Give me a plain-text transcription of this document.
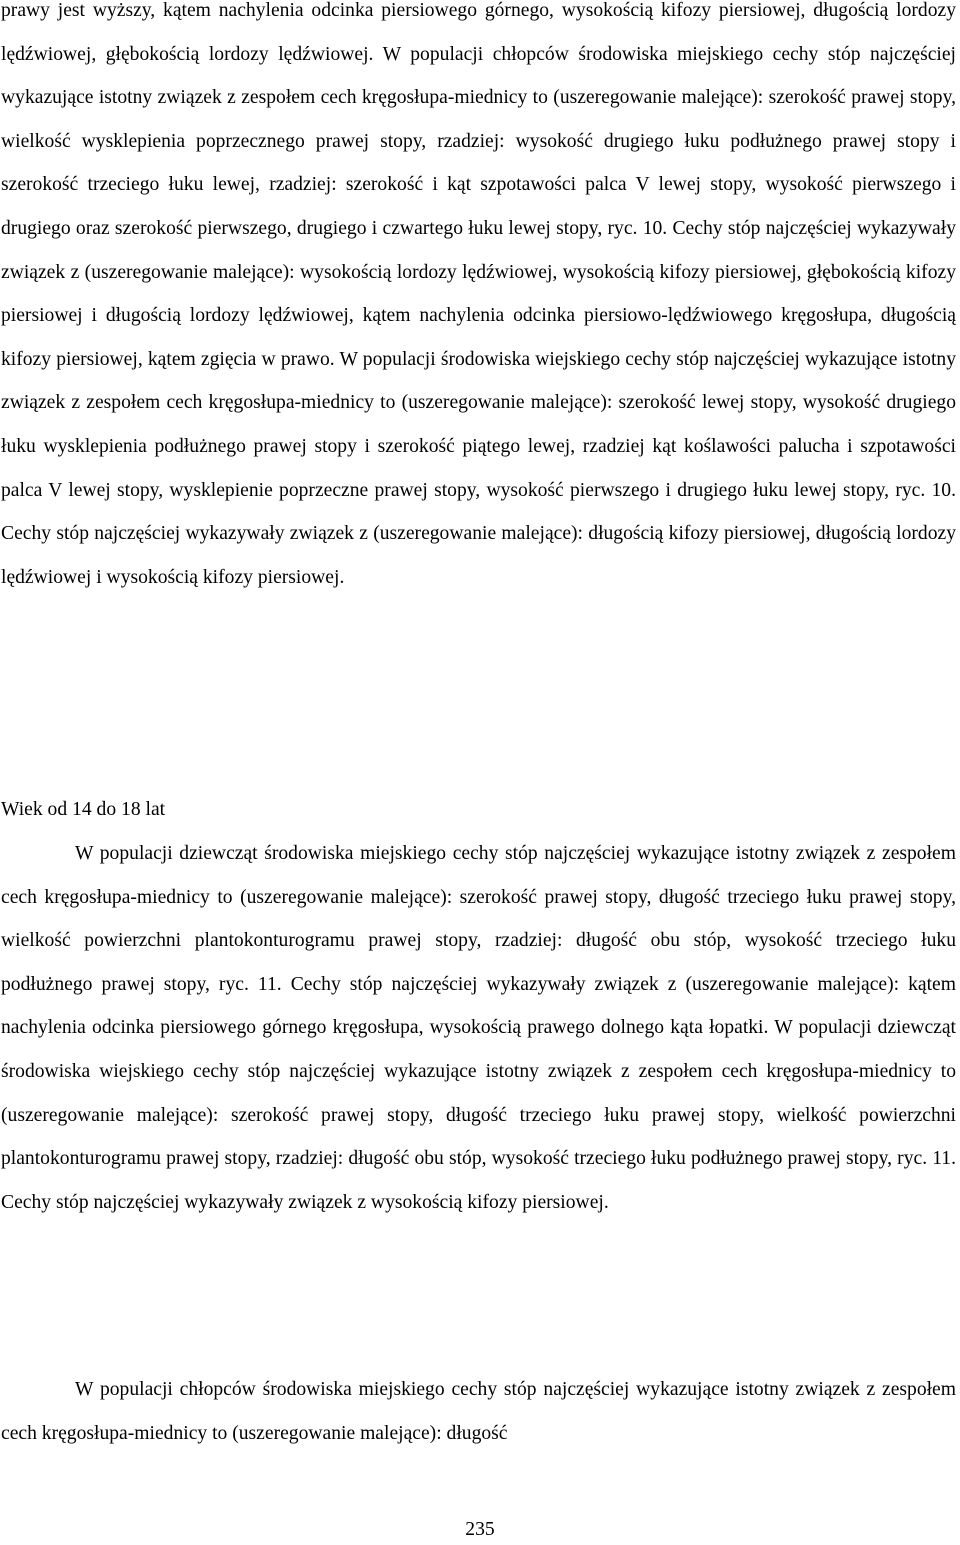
prawy jest wyższy, kątem nachylenia odcinka piersiowego górnego, wysokością kifozy piersiowej, długością lordozy lędźwiowej, głębokością lordozy lędźwiowej. W populacji chłopców środowiska miejskiego cechy stóp najczęściej wykazujące istotny związek z zespołem cech kręgosłupa-miednicy to (uszeregowanie malejące): szerokość prawej stopy, wielkość wysklepienia poprzecznego prawej stopy, rzadziej: wysokość drugiego łuku podłużnego prawej stopy i szerokość trzeciego łuku lewej, rzadziej: szerokość i kąt szpotawości palca V lewej stopy, wysokość pierwszego i drugiego oraz szerokość pierwszego, drugiego i czwartego łuku lewej stopy, ryc. 10. Cechy stóp najczęściej wykazywały związek z (uszeregowanie malejące): wysokością lordozy lędźwiowej, wysokością kifozy piersiowej, głębokością kifozy piersiowej i długością lordozy lędźwiowej, kątem nachylenia odcinka piersiowo-lędźwiowego kręgosłupa, długością kifozy piersiowej, kątem zgięcia w prawo. W populacji środowiska wiejskiego cechy stóp najczęściej wykazujące istotny związek z zespołem cech kręgosłupa-miednicy to (uszeregowanie malejące): szerokość lewej stopy, wysokość drugiego łuku wysklepienia podłużnego prawej stopy i szerokość piątego lewej, rzadziej kąt koślawości palucha i szpotawości palca V lewej stopy, wysklepienie poprzeczne prawej stopy, wysokość pierwszego i drugiego łuku lewej stopy, ryc. 10. Cechy stóp najczęściej wykazywały związek z (uszeregowanie malejące): długością kifozy piersiowej, długością lordozy lędźwiowej i wysokością kifozy piersiowej.

Wiek od 14 do 18 lat

W populacji dziewcząt środowiska miejskiego cechy stóp najczęściej wykazujące istotny związek z zespołem cech kręgosłupa-miednicy to (uszeregowanie malejące): szerokość prawej stopy, długość trzeciego łuku prawej stopy, wielkość powierzchni plantokonturogramu prawej stopy, rzadziej: długość obu stóp, wysokość trzeciego łuku podłużnego prawej stopy, ryc. 11. Cechy stóp najczęściej wykazywały związek z (uszeregowanie malejące): kątem nachylenia odcinka piersiowego górnego kręgosłupa, wysokością prawego dolnego kąta łopatki. W populacji dziewcząt środowiska wiejskiego cechy stóp najczęściej wykazujące istotny związek z zespołem cech kręgosłupa-miednicy to (uszeregowanie malejące): szerokość prawej stopy, długość trzeciego łuku prawej stopy, wielkość powierzchni plantokonturogramu prawej stopy, rzadziej: długość obu stóp, wysokość trzeciego łuku podłużnego prawej stopy, ryc. 11. Cechy stóp najczęściej wykazywały związek z wysokością kifozy piersiowej.

W populacji chłopców środowiska miejskiego cechy stóp najczęściej wykazujące istotny związek z zespołem cech kręgosłupa-miednicy to (uszeregowanie malejące): długość

235
